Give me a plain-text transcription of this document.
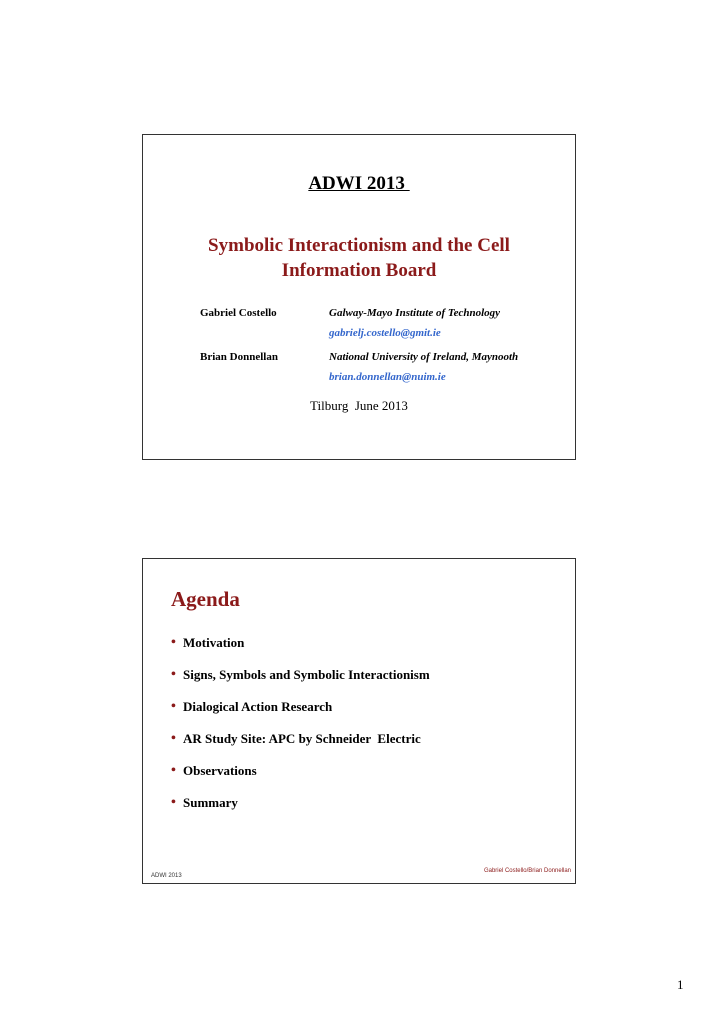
ADWI 2013
Symbolic Interactionism and the Cell Information Board
Gabriel Costello	Galway-Mayo Institute of Technology
gabrielj.costello@gmit.ie
Brian Donnellan	National University of Ireland, Maynooth
brian.donnellan@nuim.ie
Tilburg  June 2013
Agenda
• Motivation
• Signs, Symbols and Symbolic Interactionism
• Dialogical Action Research
• AR Study Site: APC by Schneider  Electric
• Observations
• Summary
ADWI 2013
Gabriel Costello/Brian Donnellan
1
